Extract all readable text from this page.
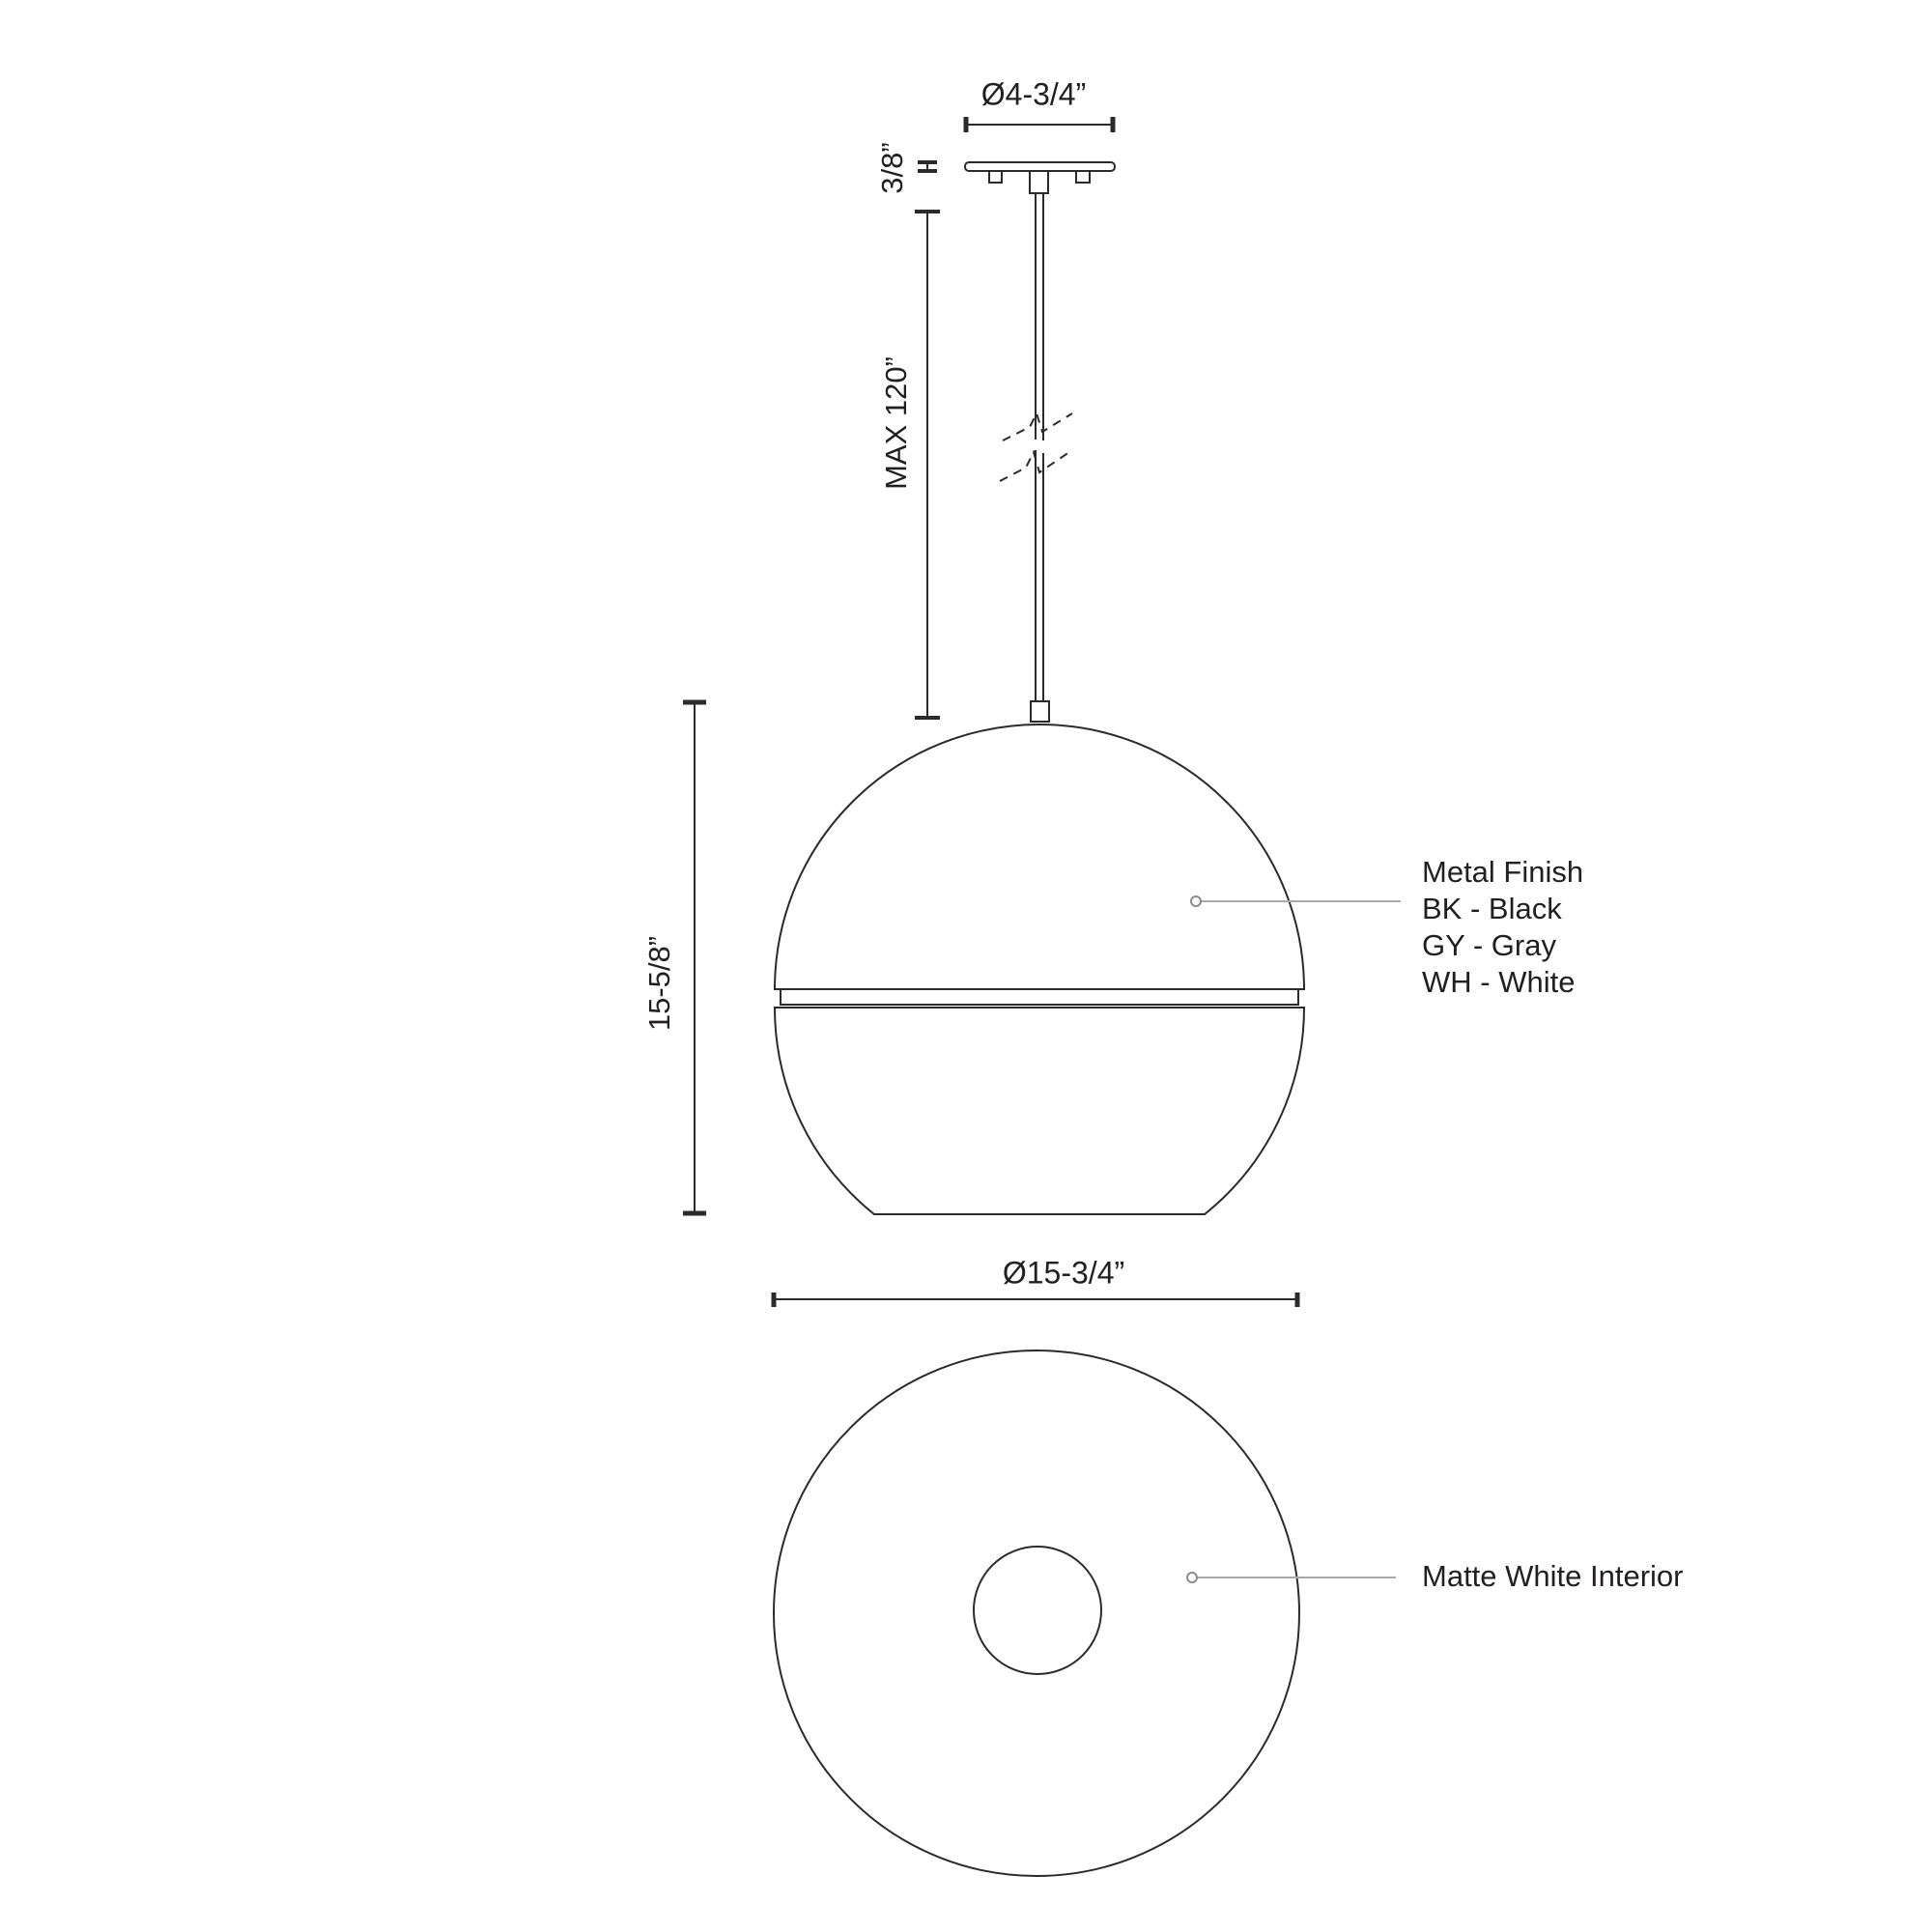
Ø4-3/4”
3/8”
MAX 120”
15-5/8”
Metal Finish
BK - Black
GY - Gray
WH - White
Ø15-3/4”
Matte White Interior
